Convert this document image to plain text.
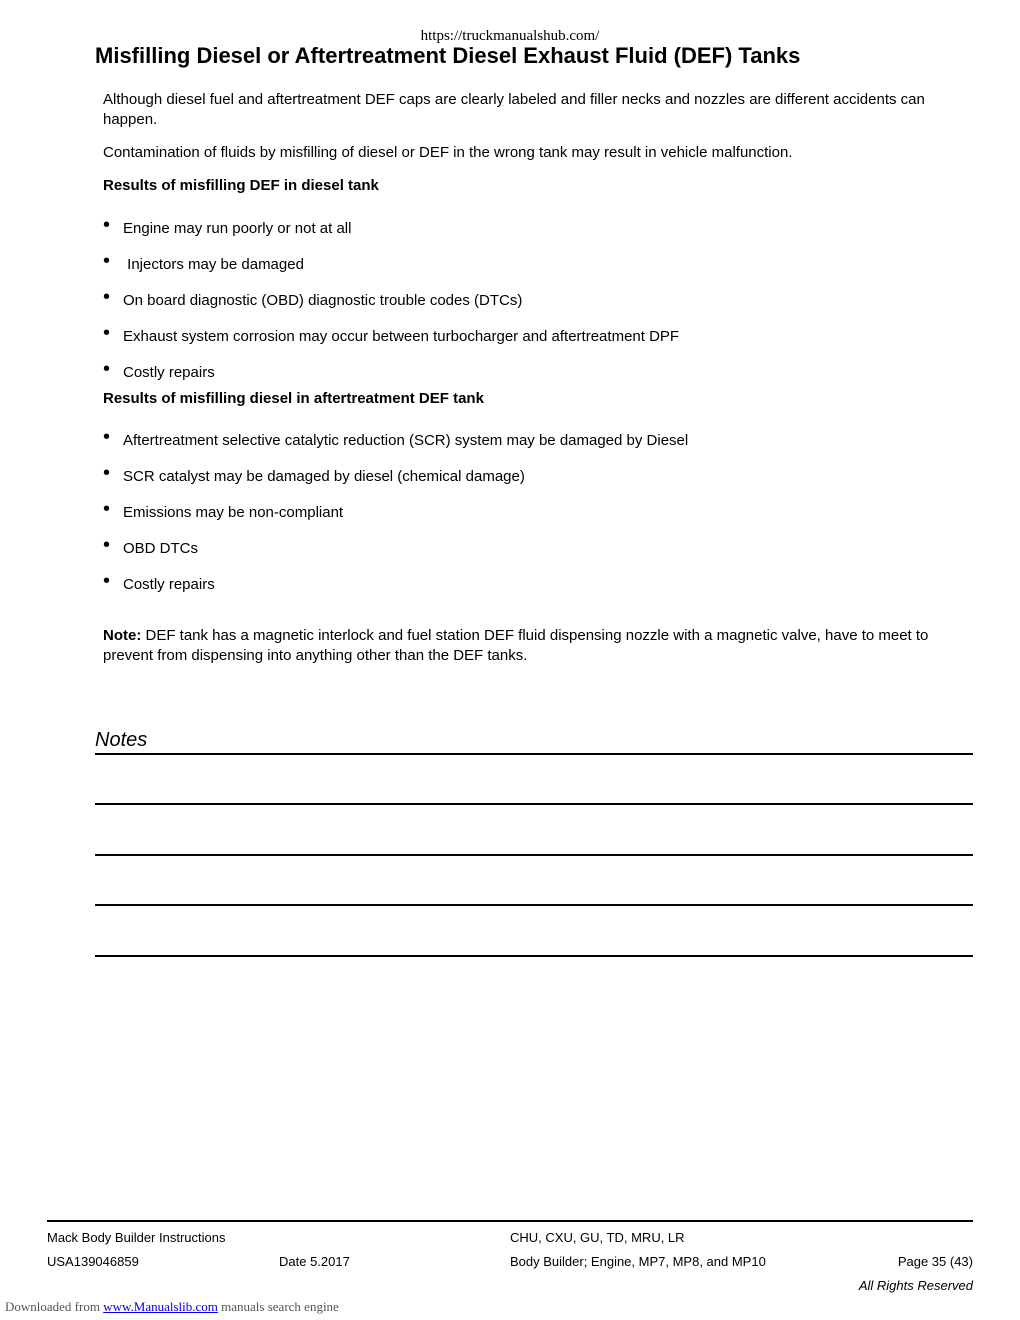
https://truckmanualshub.com/
Misfilling Diesel or Aftertreatment Diesel Exhaust Fluid (DEF) Tanks

Although diesel fuel and aftertreatment DEF caps are clearly labeled and filler necks and nozzles are different accidents can happen.

Contamination of fluids by misfilling of diesel or DEF in the wrong tank may result in vehicle malfunction.

Results of misfilling DEF in diesel tank

• Engine may run poorly or not at all
• Injectors may be damaged
• On board diagnostic (OBD) diagnostic trouble codes (DTCs)
• Exhaust system corrosion may occur between turbocharger and aftertreatment DPF
• Costly repairs

Results of misfilling diesel in aftertreatment DEF tank

• Aftertreatment selective catalytic reduction (SCR) system may be damaged by Diesel
• SCR catalyst may be damaged by diesel (chemical damage)
• Emissions may be non-compliant
• OBD DTCs
• Costly repairs

Note: DEF tank has a magnetic interlock and fuel station DEF fluid dispensing nozzle with a magnetic valve, have to meet to prevent from dispensing into anything other than the DEF tanks.

Notes
Mack Body Builder Instructions	CHU, CXU, GU, TD, MRU, LR
USA139046859	Date 5.2017	Body Builder; Engine, MP7, MP8, and MP10	Page 35 (43)
All Rights Reserved
Downloaded from www.Manualslib.com manuals search engine
